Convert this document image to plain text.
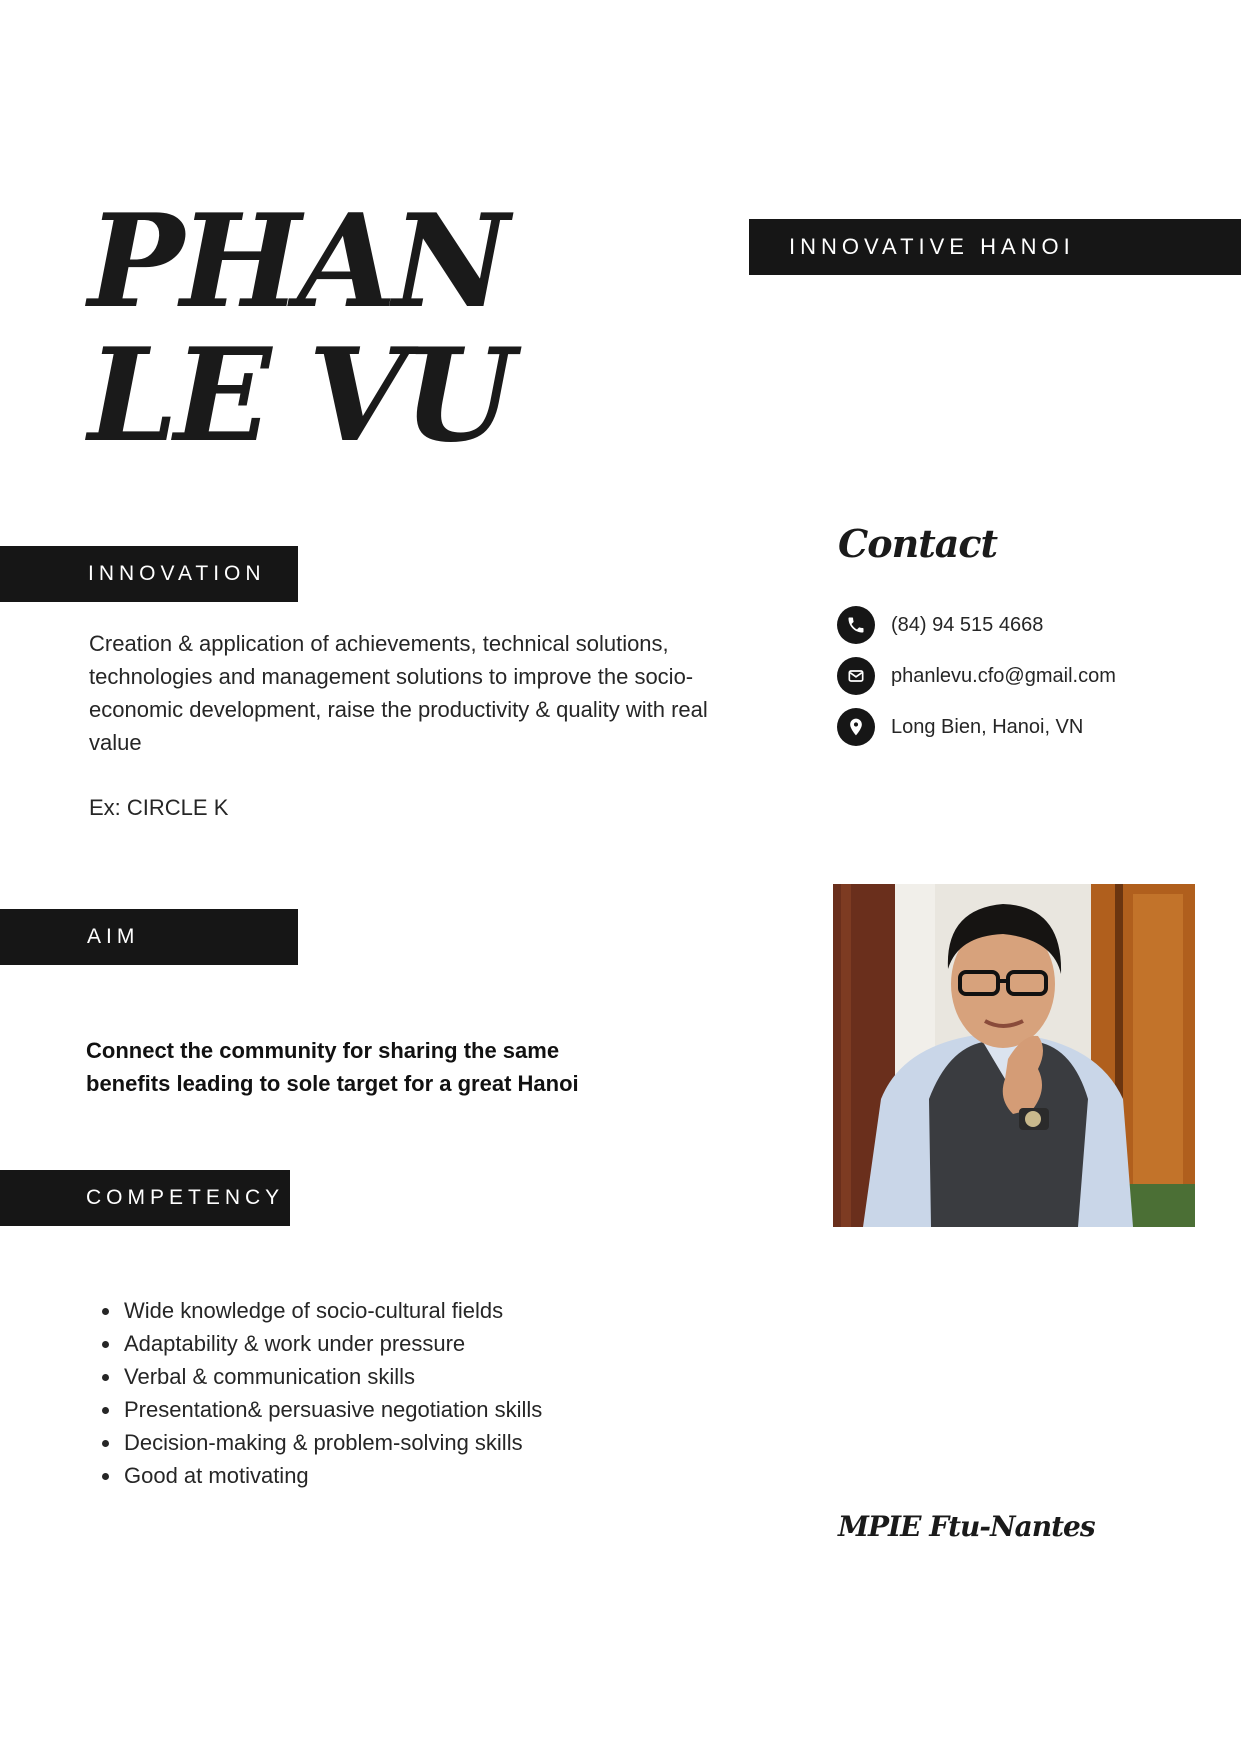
PHAN
LE VU
INNOVATIVE HANOI
INNOVATION

Creation & application of achievements, technical solutions, technologies and management solutions to improve the socio-economic development, raise the productivity & quality with real value

Ex: CIRCLE K

AIM

Connect the community for sharing the same benefits leading to sole target for a great Hanoi

COMPETENCY
• Wide knowledge of socio-cultural fields
• Adaptability & work under pressure
• Verbal & communication skills
• Presentation& persuasive negotiation skills
• Decision-making & problem-solving skills
• Good at motivating
Contact
(84) 94 515 4668
phanlevu.cfo@gmail.com
Long Bien, Hanoi, VN

MPIE Ftu-Nantes
